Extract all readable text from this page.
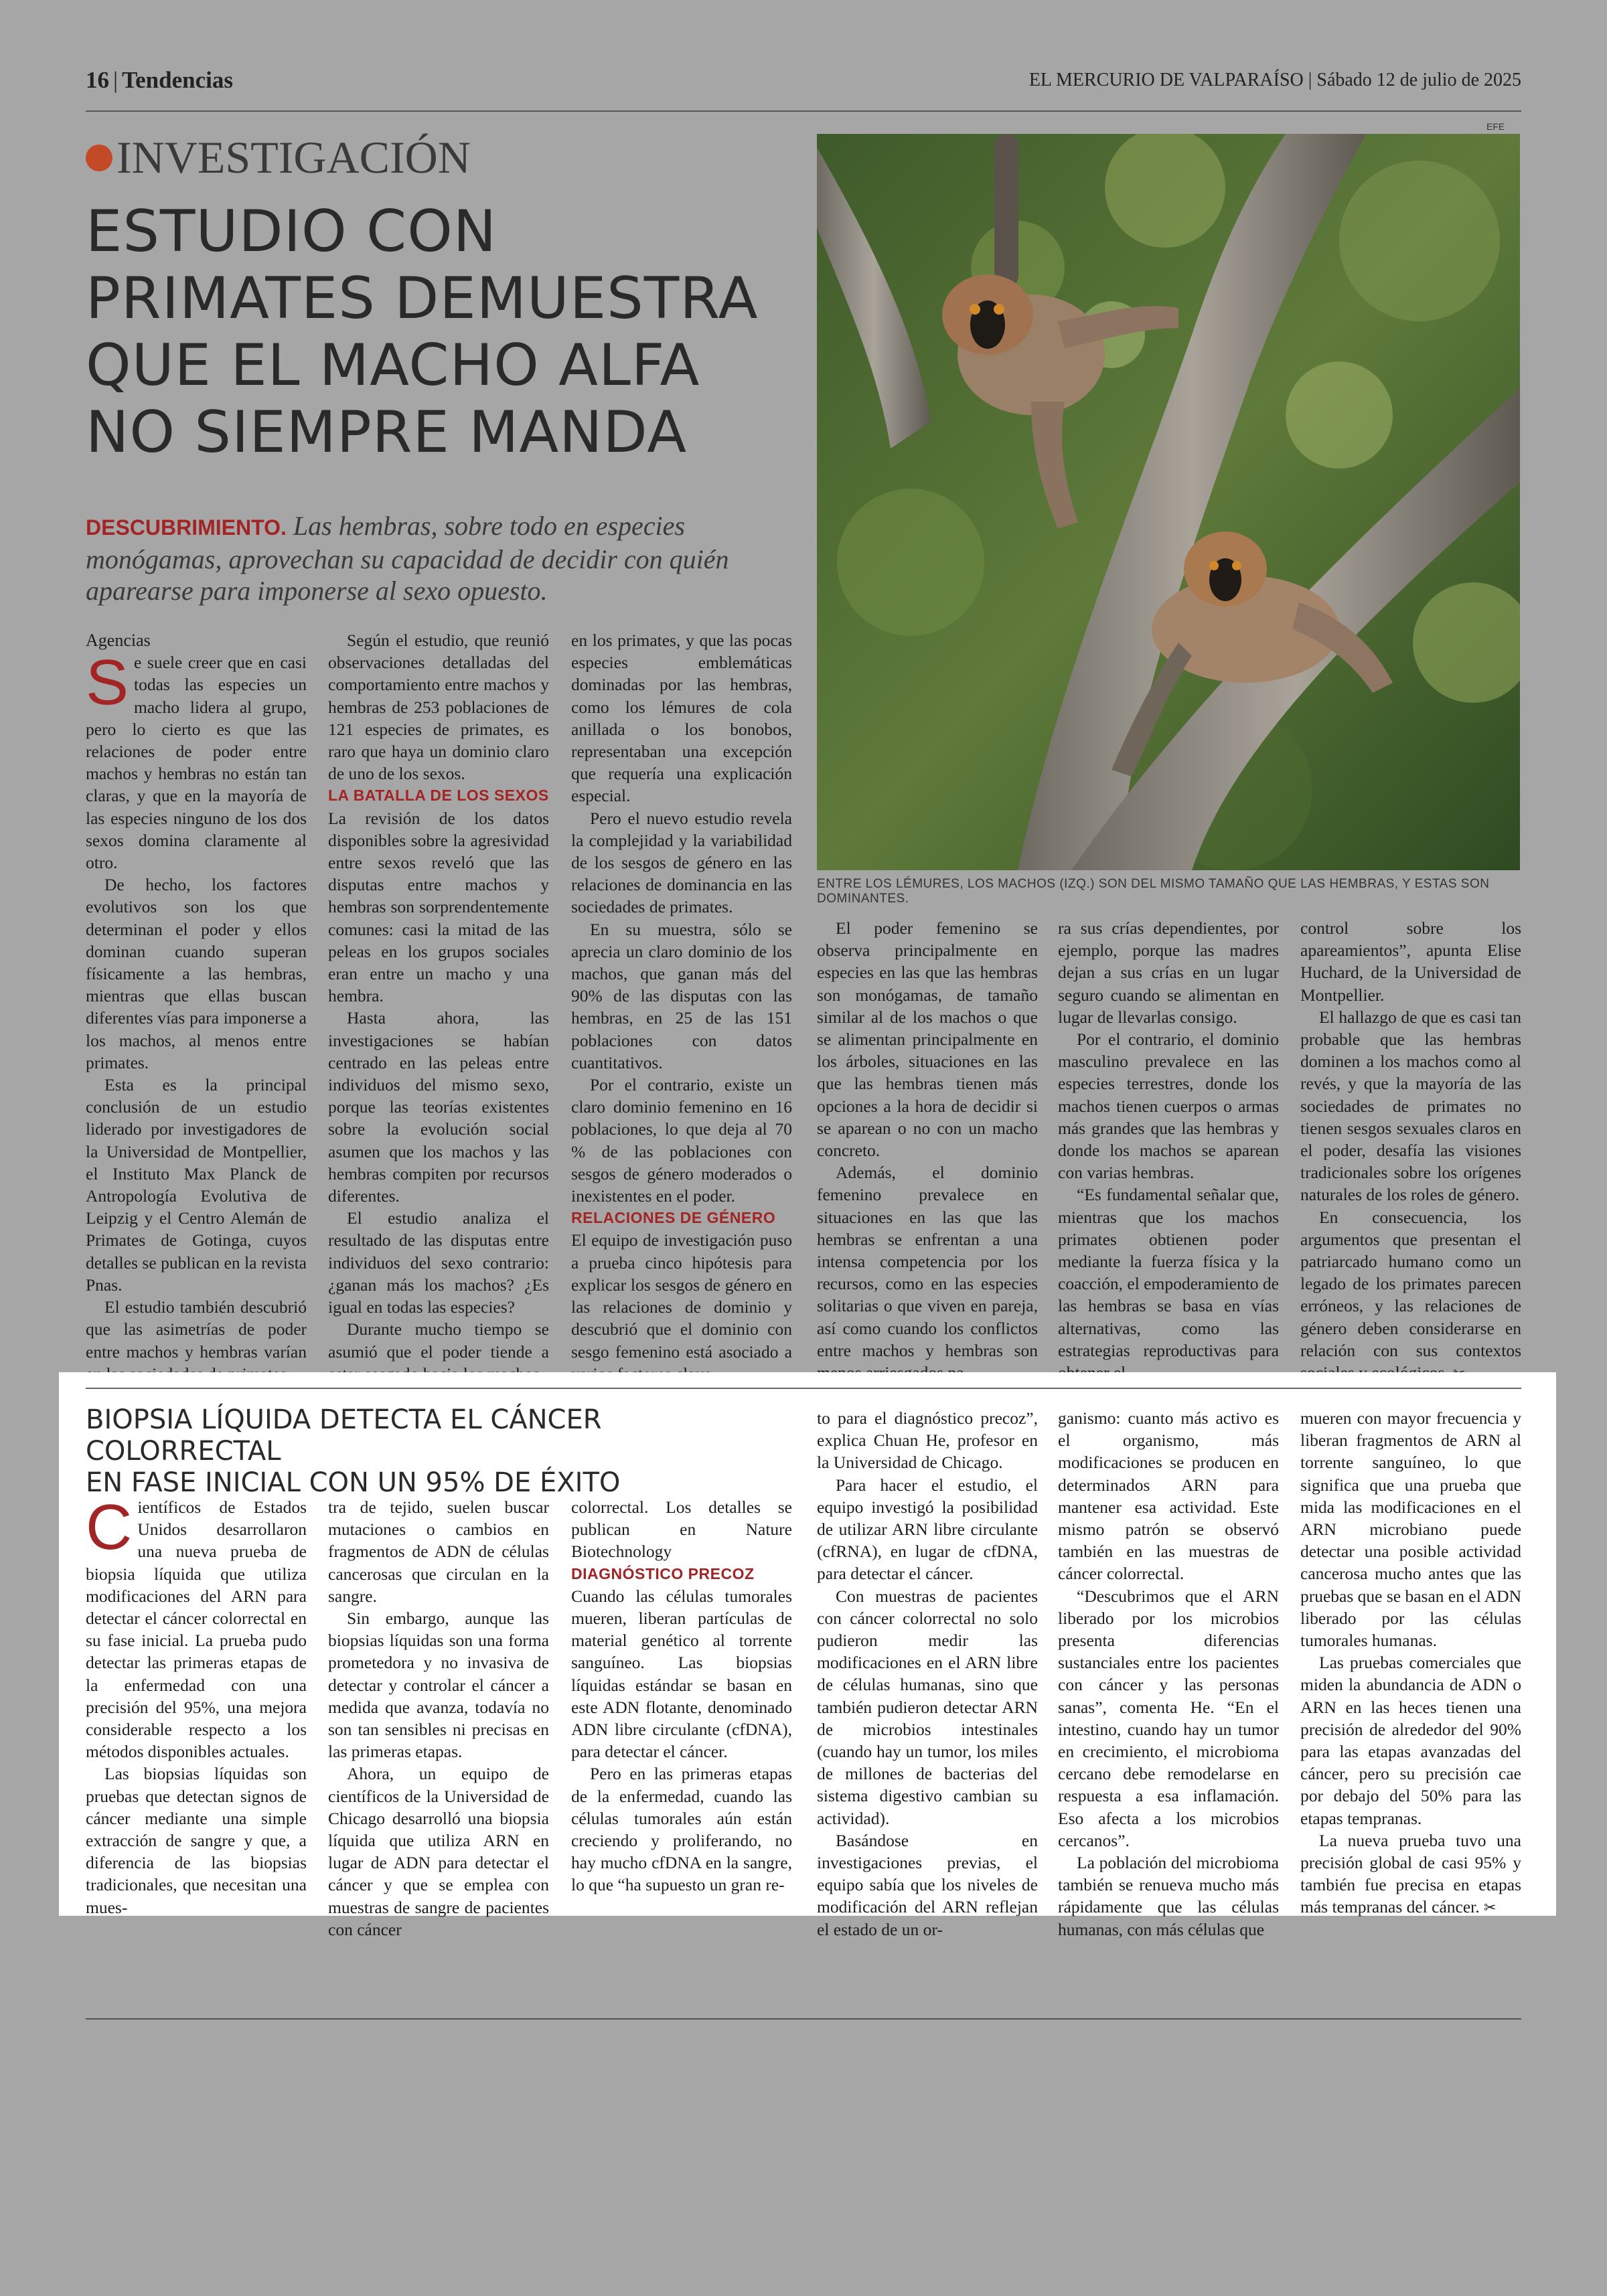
16 | Tendencias	EL MERCURIO DE VALPARAÍSO | Sábado 12 de julio de 2025
INVESTIGACIÓN
ESTUDIO CON
PRIMATES DEMUESTRA
QUE EL MACHO ALFA
NO SIEMPRE MANDA
DESCUBRIMIENTO. Las hembras, sobre todo en especies monógamas, aprovechan su capacidad de decidir con quién aparearse para imponerse al sexo opuesto.
EFE
ENTRE LOS LÉMURES, LOS MACHOS (IZQ.) SON DEL MISMO TAMAÑO QUE LAS HEMBRAS, Y ESTAS SON DOMINANTES.

Agencias

Se suele creer que en casi todas las especies un macho lidera al grupo, pero lo cierto es que las relaciones de poder entre machos y hembras no están tan claras, y que en la mayoría de las especies ninguno de los dos sexos domina claramente al otro.

De hecho, los factores evolutivos son los que determinan el poder y ellos dominan cuando superan físicamente a las hembras, mientras que ellas buscan diferentes vías para imponerse a los machos, al menos entre primates.

Esta es la principal conclusión de un estudio liderado por investigadores de la Universidad de Montpellier, el Instituto Max Planck de Antropología Evolutiva de Leipzig y el Centro Alemán de Primates de Gotinga, cuyos detalles se publican en la revista Pnas.

El estudio también descubrió que las asimetrías de poder entre machos y hembras varían

Según el estudio, que reunió observaciones detalladas del comportamiento entre machos y hembras de 253 poblaciones de 121 especies de primates, es raro que haya un dominio claro de uno de los sexos.

LA BATALLA DE LOS SEXOS

La revisión de los datos disponibles sobre la agresividad entre sexos reveló que las disputas entre machos y hembras son sorprendentemente comunes: casi la mitad de las peleas en los grupos sociales eran entre un macho y una hembra.

Hasta ahora, las investigaciones se habían centrado en las peleas entre individuos del mismo sexo, porque las teorías existentes sobre la evolución social asumen que los machos y las hembras compiten por recursos diferentes.

El estudio analiza el resultado de las disputas entre individuos del sexo contrario: ¿ganan más los machos? ¿Es igual en todas las especies?

Durante mucho tiempo se asumió que el poder tiende a

en los primates, y que las pocas especies emblemáticas dominadas por las hembras, como los lémures de cola anillada o los bonobos, representaban una excepción que requería una explicación especial.

Pero el nuevo estudio revela la complejidad y la variabilidad de los sesgos de género en las relaciones de dominancia en las sociedades de primates.

En su muestra, sólo se aprecia un claro dominio de los machos, que ganan más del 90% de las disputas con las hembras, en 25 de las 151 poblaciones con datos cuantitativos.

Por el contrario, existe un claro dominio femenino en 16 poblaciones, lo que deja al 70 % de las poblaciones con sesgos de género moderados o inexistentes en el poder.

RELACIONES DE GÉNERO

El equipo de investigación puso a prueba cinco hipótesis para explicar los sesgos de género en las relaciones de dominio y descubrió que el dominio con sesgo femenino está asociado a

El poder femenino se observa principalmente en especies en las que las hembras son monógamas, de tamaño similar al de los machos o que se alimentan principalmente en los árboles, situaciones en las que las hembras tienen más opciones a la hora de decidir si se aparean o no con un macho concreto.

Además, el dominio femenino prevalece en situaciones en las que las hembras se enfrentan a una intensa competencia por los recursos, como en las especies solitarias o que viven en pareja, así como cuando los conflictos entre machos y hembras son

ra sus crías dependientes, por ejemplo, porque las madres dejan a sus crías en un lugar seguro cuando se alimentan en lugar de llevarlas consigo.

Por el contrario, el dominio masculino prevalece en las especies terrestres, donde los machos tienen cuerpos o armas más grandes que las hembras y donde los machos se aparean con varias hembras.

“Es fundamental señalar que, mientras que los machos primates obtienen poder mediante la fuerza física y la coacción, el empoderamiento de las hembras se basa en vías alternativas, como las estrategias reproductivas para

control sobre los apareamientos”, apunta Elise Huchard, de la Universidad de Montpellier.

El hallazgo de que es casi tan probable que las hembras dominen a los machos como al revés, y que la mayoría de las sociedades de primates no tienen sesgos sexuales claros en el poder, desafía las visiones tradicionales sobre los orígenes naturales de los roles de género.

En consecuencia, los argumentos que presentan el patriarcado humano como un legado de los primates parecen erróneos, y las relaciones de género deben considerarse en relación con sus contextos

BIOPSIA LÍQUIDA DETECTA EL CÁNCER COLORRECTAL
EN FASE INICIAL CON UN 95% DE ÉXITO

Científicos de Estados Unidos desarrollaron una nueva prueba de biopsia líquida que utiliza modificaciones del ARN para detectar el cáncer colorrectal en su fase inicial. La prueba pudo detectar las primeras etapas de la enfermedad con una precisión del 95%, una mejora considerable respecto a los métodos disponibles actuales.

Las biopsias líquidas son pruebas que detectan signos de cáncer mediante una simple extracción de sangre y que, a diferencia de las biopsias tradicionales, que necesitan una mues-

tra de tejido, suelen buscar mutaciones o cambios en fragmentos de ADN de células cancerosas que circulan en la sangre.

Sin embargo, aunque las biopsias líquidas son una forma prometedora y no invasiva de detectar y controlar el cáncer a medida que avanza, todavía no son tan sensibles ni precisas en las primeras etapas.

Ahora, un equipo de científicos de la Universidad de Chicago desarrolló una biopsia líquida que utiliza ARN en lugar de ADN para detectar el cáncer y que se emplea con muestras de sangre de pacientes con cáncer

colorrectal. Los detalles se publican en Nature Biotechnology

DIAGNÓSTICO PRECOZ

Cuando las células tumorales mueren, liberan partículas de material genético al torrente sanguíneo. Las biopsias líquidas estándar se basan en este ADN flotante, denominado ADN libre circulante (cfDNA), para detectar el cáncer.

Pero en las primeras etapas de la enfermedad, cuando las células tumorales aún están creciendo y proliferando, no hay mucho cfDNA en la sangre, lo que “ha supuesto un gran re-

to para el diagnóstico precoz”, explica Chuan He, profesor en la Universidad de Chicago.

Para hacer el estudio, el equipo investigó la posibilidad de utilizar ARN libre circulante (cfRNA), en lugar de cfDNA, para detectar el cáncer.

Con muestras de pacientes con cáncer colorrectal no solo pudieron medir las modificaciones en el ARN libre de células humanas, sino que también pudieron detectar ARN de microbios intestinales (cuando hay un tumor, los miles de millones de bacterias del sistema digestivo cambian su actividad).

Basándose en investigaciones previas, el equipo sabía que los niveles de modificación del ARN reflejan el estado de un or-

ganismo: cuanto más activo es el organismo, más modificaciones se producen en determinados ARN para mantener esa actividad. Este mismo patrón se observó también en las muestras de cáncer colorrectal.

“Descubrimos que el ARN liberado por los microbios presenta diferencias sustanciales entre los pacientes con cáncer y las personas sanas”, comenta He. “En el intestino, cuando hay un tumor en crecimiento, el microbioma cercano debe remodelarse en respuesta a esa inflamación. Eso afecta a los microbios cercanos”.

La población del microbioma también se renueva mucho más rápidamente que las células humanas, con más células que

mueren con mayor frecuencia y liberan fragmentos de ARN al torrente sanguíneo, lo que significa que una prueba que mida las modificaciones en el ARN microbiano puede detectar una posible actividad cancerosa mucho antes que las pruebas que se basan en el ADN liberado por las células tumorales humanas.

Las pruebas comerciales que miden la abundancia de ADN o ARN en las heces tienen una precisión de alrededor del 90% para las etapas avanzadas del cáncer, pero su precisión cae por debajo del 50% para las etapas tempranas.

La nueva prueba tuvo una precisión global de casi 95% y también fue precisa en etapas más tempranas del cáncer. ✂
